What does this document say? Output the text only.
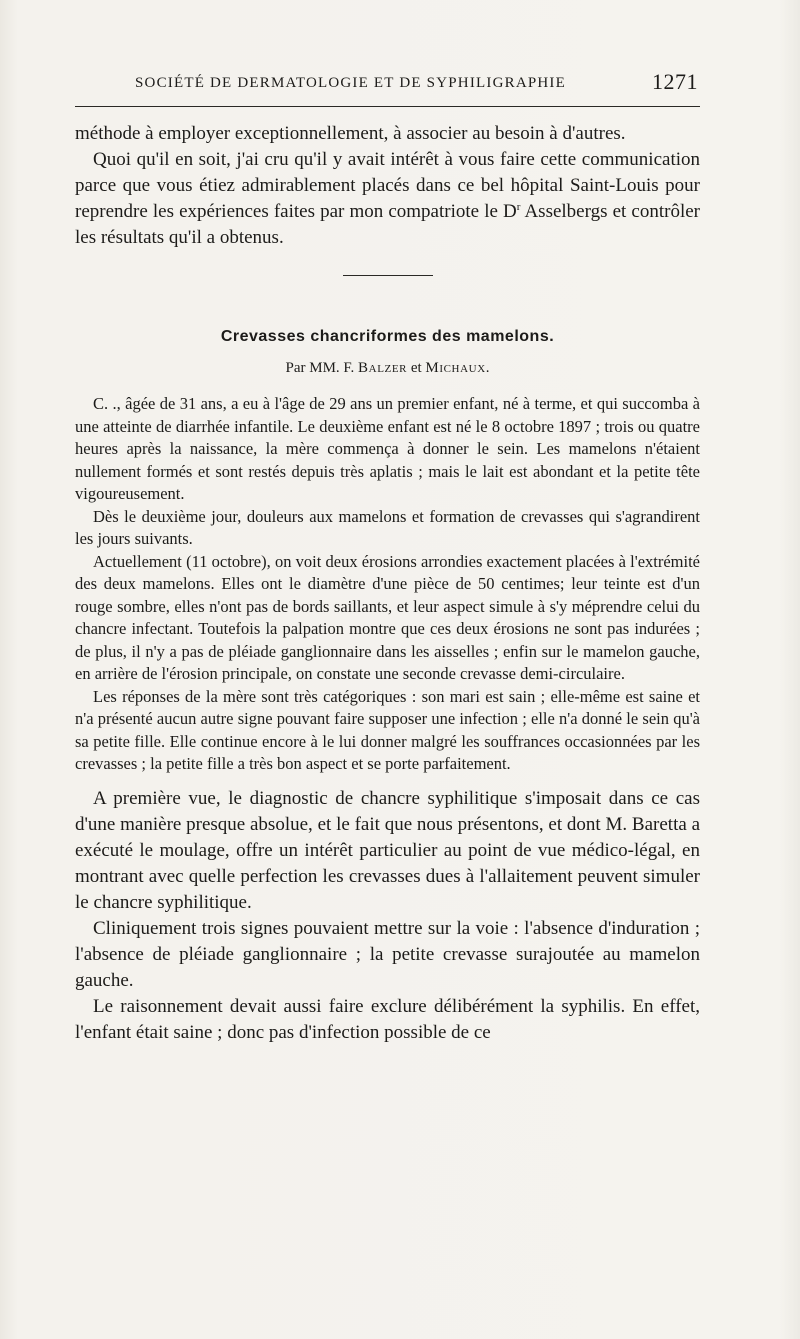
SOCIÉTÉ DE DERMATOLOGIE ET DE SYPHILIGRAPHIE	1271

méthode à employer exceptionnellement, à associer au besoin à d'autres.

Quoi qu'il en soit, j'ai cru qu'il y avait intérêt à vous faire cette communication parce que vous étiez admirablement placés dans ce bel hôpital Saint-Louis pour reprendre les expériences faites par mon compatriote le $D^r$ Asselbergs et contrôler les résultats qu'il a obtenus.

Crevasses chancriformes des mamelons.
Par MM. F. Balzer et Michaux.

C. ., âgée de 31 ans, a eu à l'âge de 29 ans un premier enfant, né à terme, et qui succomba à une atteinte de diarrhée infantile. Le deuxième enfant est né le 8 octobre 1897 ; trois ou quatre heures après la naissance, la mère commença à donner le sein. Les mamelons n'étaient nullement formés et sont restés depuis très aplatis ; mais le lait est abondant et la petite tête vigoureusement.

Dès le deuxième jour, douleurs aux mamelons et formation de crevasses qui s'agrandirent les jours suivants.

Actuellement (11 octobre), on voit deux érosions arrondies exactement placées à l'extrémité des deux mamelons. Elles ont le diamètre d'une pièce de 50 centimes; leur teinte est d'un rouge sombre, elles n'ont pas de bords saillants, et leur aspect simule à s'y méprendre celui du chancre infectant. Toutefois la palpation montre que ces deux érosions ne sont pas indurées ; de plus, il n'y a pas de pléiade ganglionnaire dans les aisselles ; enfin sur le mamelon gauche, en arrière de l'érosion principale, on constate une seconde crevasse demi-circulaire.

Les réponses de la mère sont très catégoriques : son mari est sain ; elle-même est saine et n'a présenté aucun autre signe pouvant faire supposer une infection ; elle n'a donné le sein qu'à sa petite fille. Elle continue encore à le lui donner malgré les souffrances occasionnées par les crevasses ; la petite fille a très bon aspect et se porte parfaitement.

A première vue, le diagnostic de chancre syphilitique s'imposait dans ce cas d'une manière presque absolue, et le fait que nous présentons, et dont M. Baretta a exécuté le moulage, offre un intérêt particulier au point de vue médico-légal, en montrant avec quelle perfection les crevasses dues à l'allaitement peuvent simuler le chancre syphilitique.

Cliniquement trois signes pouvaient mettre sur la voie : l'absence d'induration ; l'absence de pléiade ganglionnaire ; la petite crevasse surajoutée au mamelon gauche.

Le raisonnement devait aussi faire exclure délibérément la syphilis. En effet, l'enfant était saine ; donc pas d'infection possible de ce
